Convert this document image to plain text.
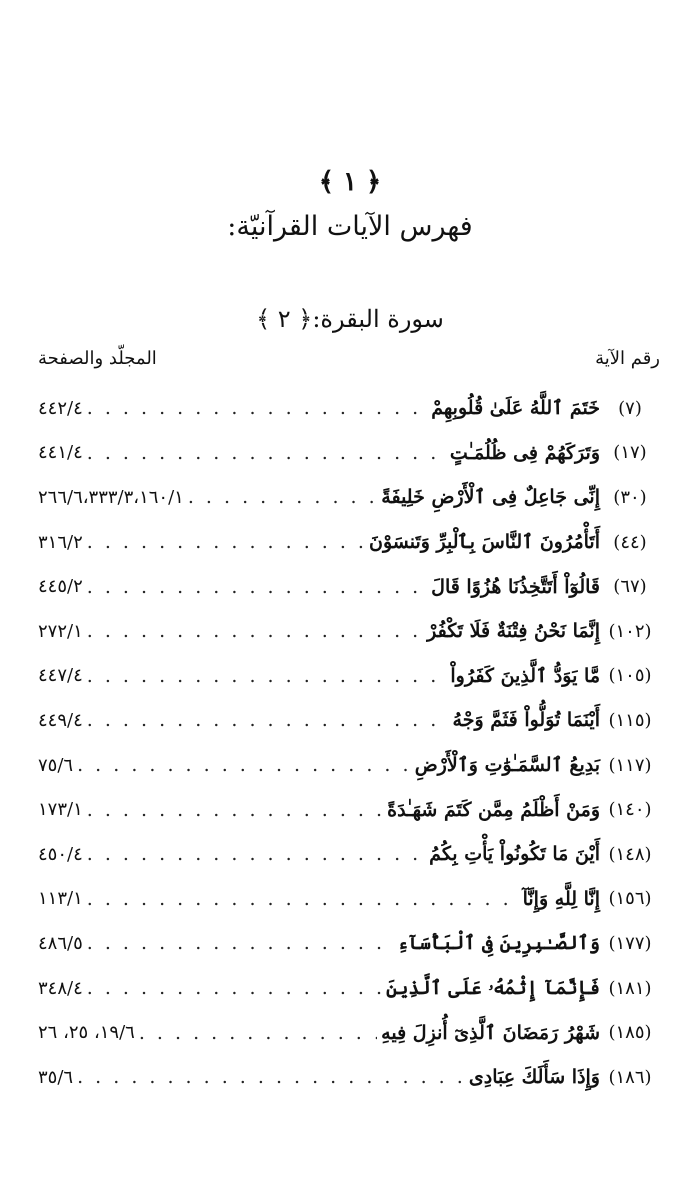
﴿ ١ ﴾
فهرس الآيات القرآنيّة:
سورة البقرة:﴿ ٢ ﴾
رقم الآية
المجلّد والصفحة
(٧)
خَتَمَ ٱللَّهُ عَلَىٰ قُلُوبِهِمْ
. . .
٤٤٢/٤
(١٧)
وَتَرَكَهُمْ فِى ظُلُمَـٰتٍ
. . .
٤٤١/٤
(٣٠)
إِنِّى جَاعِلٌ فِى ٱلْأَرْضِ خَلِيفَةً
. . .
٢٦٦/٦،٣٣٣/٣،١٦٠/١
(٤٤)
أَتَأْمُرُونَ ٱلنَّاسَ بِٱلْبِرِّ وَتَنسَوْنَ
. . .
٣١٦/٢
(٦٧)
قَالُوٓاْ أَتَتَّخِذُنَا هُزُوًا قَالَ
. . .
٤٤٥/٢
(١٠٢)
إِنَّمَا نَحْنُ فِتْنَةٌ فَلَا تَكْفُرْ
. . .
٢٧٢/١
(١٠٥)
مَّا يَوَدُّ ٱلَّذِينَ كَفَرُواْ
. . .
٤٤٧/٤
(١١٥)
أَيْنَمَا تُوَلُّواْ فَثَمَّ وَجْهُ
. . .
٤٤٩/٤
(١١٧)
بَدِيعُ ٱلسَّمَـٰوَٰتِ وَٱلْأَرْضِ
. . .
٧٥/٦
(١٤٠)
وَمَنْ أَظْلَمُ مِمَّن كَتَمَ شَهَـٰدَةً
. . .
١٧٣/١
(١٤٨)
أَيْنَ مَا تَكُونُواْ يَأْتِ بِكُمُ
. . .
٤٥٠/٤
(١٥٦)
إِنَّا لِلَّهِ وَإِنَّآ
. . .
١١٣/١
(١٧٧)
وَٱلصَّـٰبِرِينَ فِى ٱلْبَأْسَآءِ
. . .
٤٨٦/٥
(١٨١)
فَإِنَّمَآ إِثْمُهُۥ عَلَى ٱلَّذِينَ
. . .
٣٤٨/٤
(١٨٥)
شَهْرُ رَمَضَانَ ٱلَّذِىٓ أُنزِلَ فِيهِ
. . .
١٩/٦، ٢٥، ٢٦
(١٨٦)
وَإِذَا سَأَلَكَ عِبَادِى
. . .
٣٥/٦
